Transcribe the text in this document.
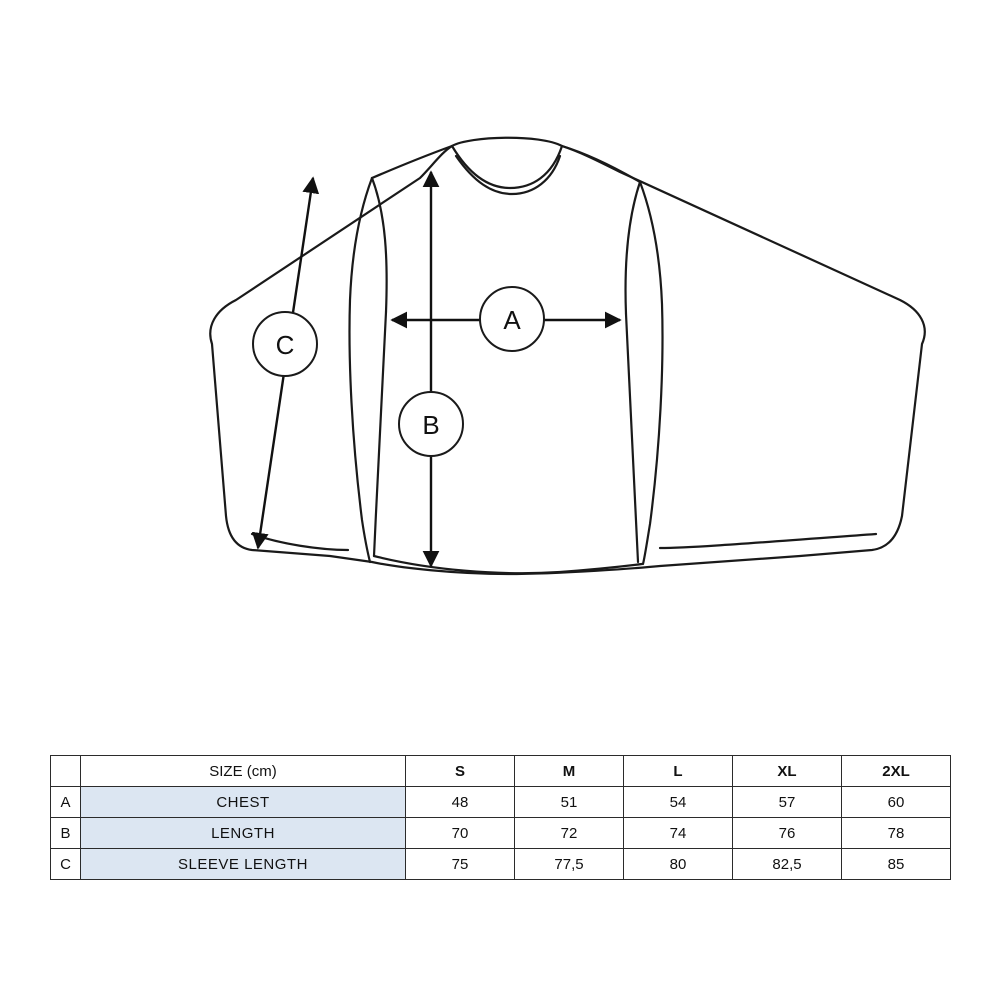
A
B
C
	SIZE (cm)	S	M	L	XL	2XL
A	CHEST	48	51	54	57	60
B	LENGTH	70	72	74	76	78
C	SLEEVE LENGTH	75	77,5	80	82,5	85
